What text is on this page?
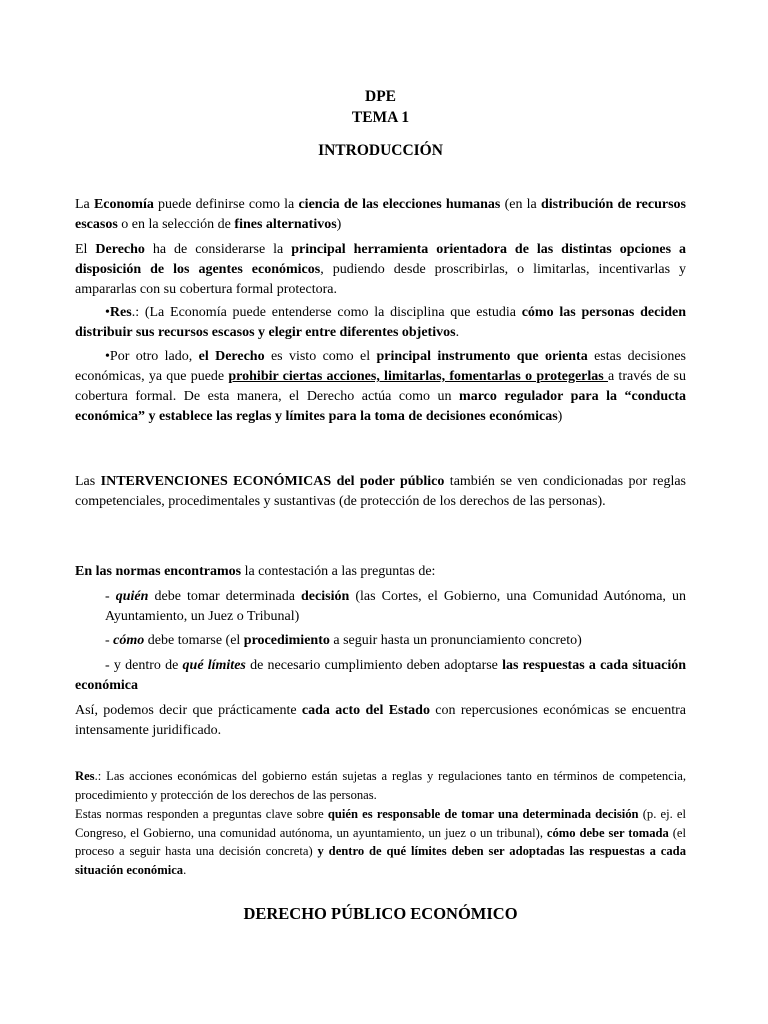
DPE
TEMA 1
INTRODUCCIÓN

La Economía puede definirse como la ciencia de las elecciones humanas (en la distribución de recursos escasos o en la selección de fines alternativos)

El Derecho ha de considerarse la principal herramienta orientadora de las distintas opciones a disposición de los agentes económicos, pudiendo desde proscribirlas, o limitarlas, incentivarlas y ampararlas con su cobertura formal protectora.

•Res.: (La Economía puede entenderse como la disciplina que estudia cómo las personas deciden distribuir sus recursos escasos y elegir entre diferentes objetivos.

•Por otro lado, el Derecho es visto como el principal instrumento que orienta estas decisiones económicas, ya que puede prohibir ciertas acciones, limitarlas, fomentarlas o protegerlas a través de su cobertura formal. De esta manera, el Derecho actúa como un marco regulador para la “conducta económica” y establece las reglas y límites para la toma de decisiones económicas)

Las INTERVENCIONES ECONÓMICAS del poder público también se ven condicionadas por reglas competenciales, procedimentales y sustantivas (de protección de los derechos de las personas).

En las normas encontramos la contestación a las preguntas de:

- quién debe tomar determinada decisión (las Cortes, el Gobierno, una Comunidad Autónoma, un Ayuntamiento, un Juez o Tribunal)

- cómo debe tomarse (el procedimiento a seguir hasta un pronunciamiento concreto)

- y dentro de qué límites de necesario cumplimiento deben adoptarse las respuestas a cada situación económica

Así, podemos decir que prácticamente cada acto del Estado con repercusiones económicas se encuentra intensamente juridificado.

Res.: Las acciones económicas del gobierno están sujetas a reglas y regulaciones tanto en términos de competencia, procedimiento y protección de los derechos de las personas.

Estas normas responden a preguntas clave sobre quién es responsable de tomar una determinada decisión (p. ej. el Congreso, el Gobierno, una comunidad autónoma, un ayuntamiento, un juez o un tribunal), cómo debe ser tomada (el proceso a seguir hasta una decisión concreta) y dentro de qué límites deben ser adoptadas las respuestas a cada situación económica.

DERECHO PÚBLICO ECONÓMICO
